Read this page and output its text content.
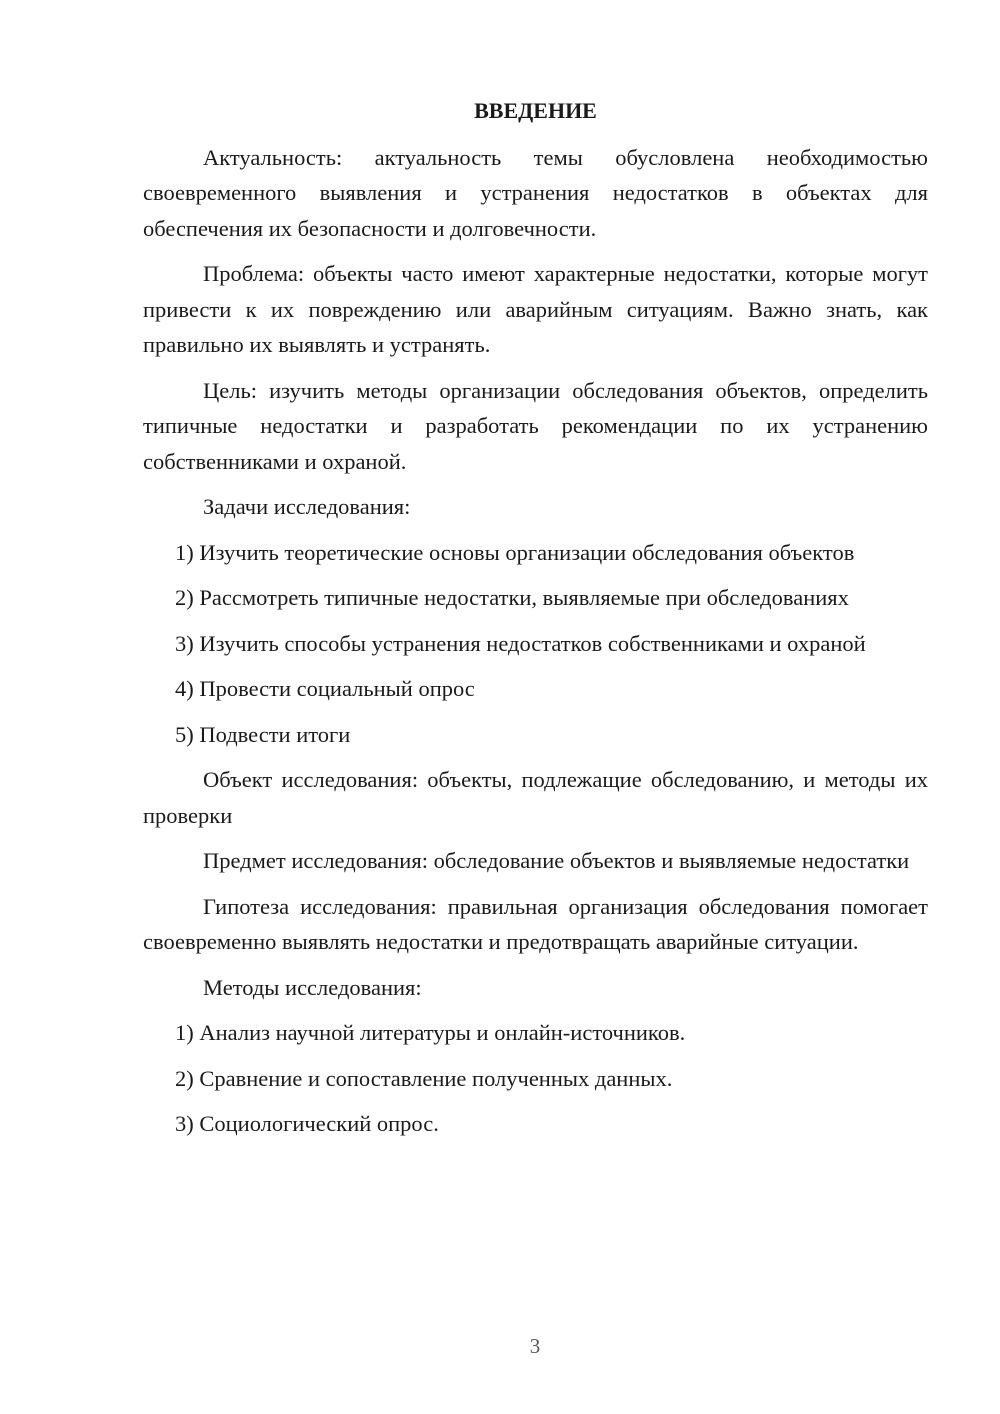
ВВЕДЕНИЕ

Актуальность: актуальность темы обусловлена необходимостью своевременного выявления и устранения недостатков в объектах для обеспечения их безопасности и долговечности.

Проблема: объекты часто имеют характерные недостатки, которые могут привести к их повреждению или аварийным ситуациям. Важно знать, как правильно их выявлять и устранять.

Цель: изучить методы организации обследования объектов, определить типичные недостатки и разработать рекомендации по их устранению собственниками и охраной.

Задачи исследования:

1) Изучить теоретические основы организации обследования объектов

2) Рассмотреть типичные недостатки, выявляемые при обследованиях

3) Изучить способы устранения недостатков собственниками и охраной

4) Провести социальный опрос

5) Подвести итоги

Объект исследования: объекты, подлежащие обследованию, и методы их проверки

Предмет исследования: обследование объектов и выявляемые недостатки

Гипотеза исследования: правильная организация обследования помогает своевременно выявлять недостатки и предотвращать аварийные ситуации.

Методы исследования:

1) Анализ научной литературы и онлайн-источников.

2) Сравнение и сопоставление полученных данных.

3) Социологический опрос.

3
